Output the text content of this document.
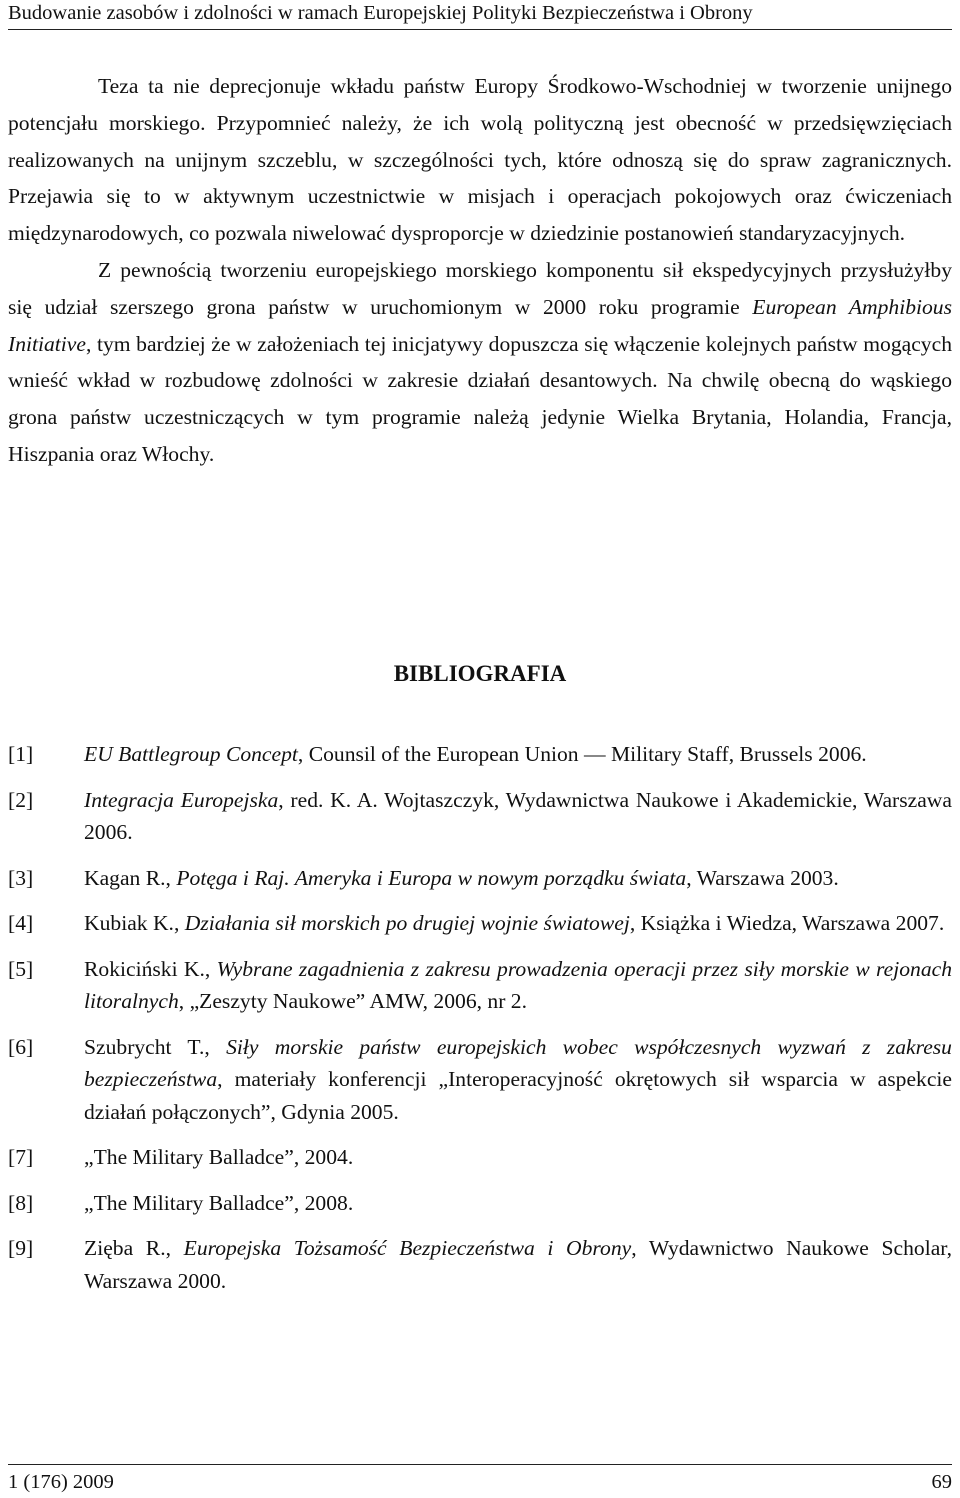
Budowanie zasobów i zdolności w ramach Europejskiej Polityki Bezpieczeństwa i Obrony

Teza ta nie deprecjonuje wkładu państw Europy Środkowo-Wschodniej w tworzenie unijnego potencjału morskiego. Przypomnieć należy, że ich wolą polityczną jest obecność w przedsięwzięciach realizowanych na unijnym szczeblu, w szczególności tych, które odnoszą się do spraw zagranicznych. Przejawia się to w aktywnym uczestnictwie w misjach i operacjach pokojowych oraz ćwiczeniach międzynarodowych, co pozwala niwelować dysproporcje w dziedzinie postanowień standaryzacyjnych.

Z pewnością tworzeniu europejskiego morskiego komponentu sił ekspedycyjnych przysłużyłby się udział szerszego grona państw w uruchomionym w 2000 roku programie European Amphibious Initiative, tym bardziej że w założeniach tej inicjatywy dopuszcza się włączenie kolejnych państw mogących wnieść wkład w rozbudowę zdolności w zakresie działań desantowych. Na chwilę obecną do wąskiego grona państw uczestniczących w tym programie należą jedynie Wielka Brytania, Holandia, Francja, Hiszpania oraz Włochy.

BIBLIOGRAFIA
[1]	EU Battlegroup Concept, Counsil of the European Union — Military Staff, Brussels 2006.
[2]	Integracja Europejska, red. K. A. Wojtaszczyk, Wydawnictwa Naukowe i Akademickie, Warszawa 2006.
[3]	Kagan R., Potęga i Raj. Ameryka i Europa w nowym porządku świata, Warszawa 2003.
[4]	Kubiak K., Działania sił morskich po drugiej wojnie światowej, Książka i Wiedza, Warszawa 2007.
[5]	Rokiciński K., Wybrane zagadnienia z zakresu prowadzenia operacji przez siły morskie w rejonach litoralnych, „Zeszyty Naukowe” AMW, 2006, nr 2.
[6]	Szubrycht T., Siły morskie państw europejskich wobec współczesnych wyzwań z zakresu bezpieczeństwa, materiały konferencji „Interoperacyjność okrętowych sił wsparcia w aspekcie działań połączonych”, Gdynia 2005.
[7]	„The Military Balladce”, 2004.
[8]	„The Military Balladce”, 2008.
[9]	Zięba R., Europejska Tożsamość Bezpieczeństwa i Obrony, Wydawnictwo Naukowe Scholar, Warszawa 2000.
1 (176) 2009	69
